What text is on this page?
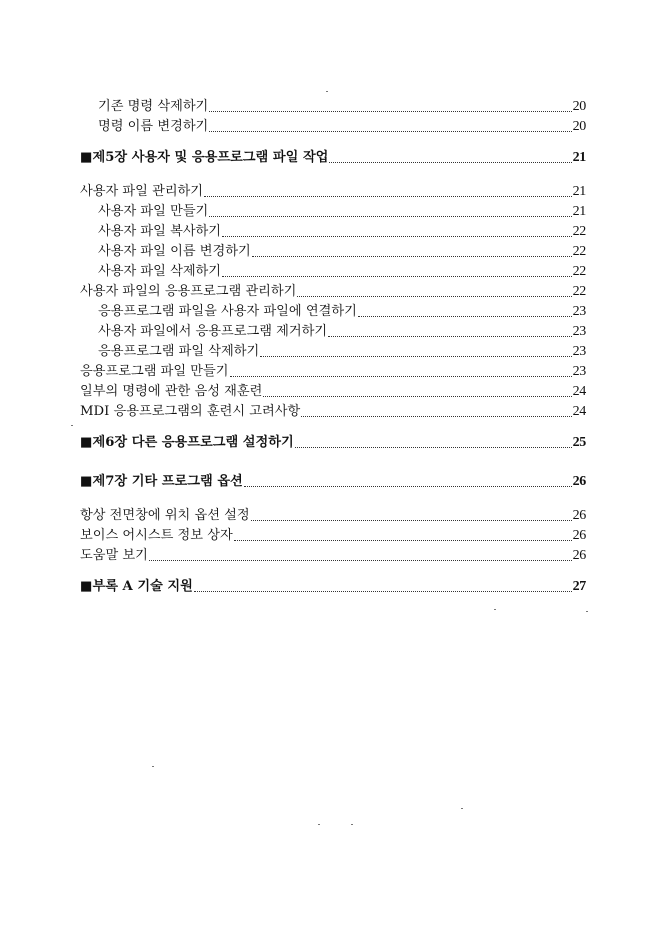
기존 명령 삭제하기	20
명령 이름 변경하기	20
■제5장 사용자 및 응용프로그램 파일 작업	21
사용자 파일 관리하기	21
사용자 파일 만들기	21
사용자 파일 복사하기	22
사용자 파일 이름 변경하기	22
사용자 파일 삭제하기	22
사용자 파일의 응용프로그램 관리하기	22
응용프로그램 파일을 사용자 파일에 연결하기	23
사용자 파일에서 응용프로그램 제거하기	23
응용프로그램 파일 삭제하기	23
응용프로그램 파일 만들기	23
일부의 명령에 관한 음성 재훈련	24
MDI 응용프로그램의 훈련시 고려사항	24
■제6장 다른 응용프로그램 설정하기	25
■제7장 기타 프로그램 옵션	26
항상 전면창에 위치 옵션 설정	26
보이스 어시스트 정보 상자	26
도움말 보기	26
■부록 A 기술 지원	27
